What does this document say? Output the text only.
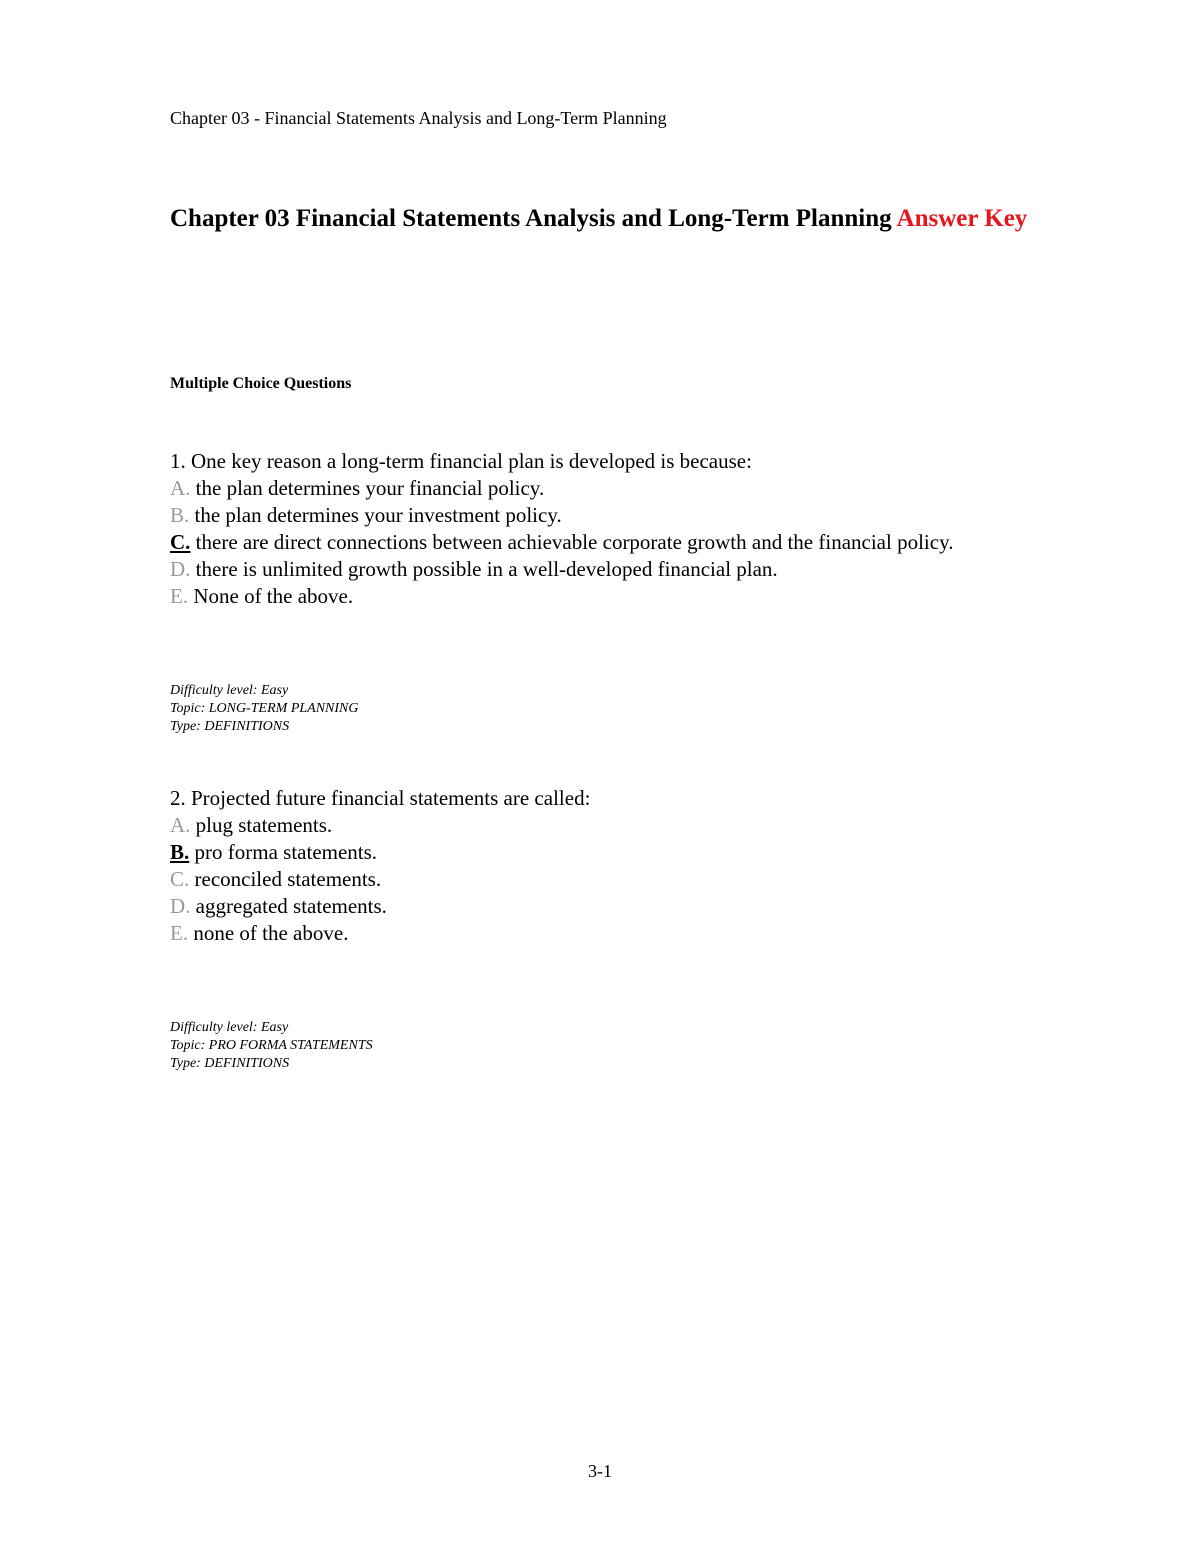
Chapter 03 - Financial Statements Analysis and Long-Term Planning
Chapter 03 Financial Statements Analysis and Long-Term Planning Answer Key
Multiple Choice Questions
1. One key reason a long-term financial plan is developed is because:
A. the plan determines your financial policy.
B. the plan determines your investment policy.
C. there are direct connections between achievable corporate growth and the financial policy.
D. there is unlimited growth possible in a well-developed financial plan.
E. None of the above.
Difficulty level: Easy
Topic: LONG-TERM PLANNING
Type: DEFINITIONS
2. Projected future financial statements are called:
A. plug statements.
B. pro forma statements.
C. reconciled statements.
D. aggregated statements.
E. none of the above.
Difficulty level: Easy
Topic: PRO FORMA STATEMENTS
Type: DEFINITIONS
3-1
